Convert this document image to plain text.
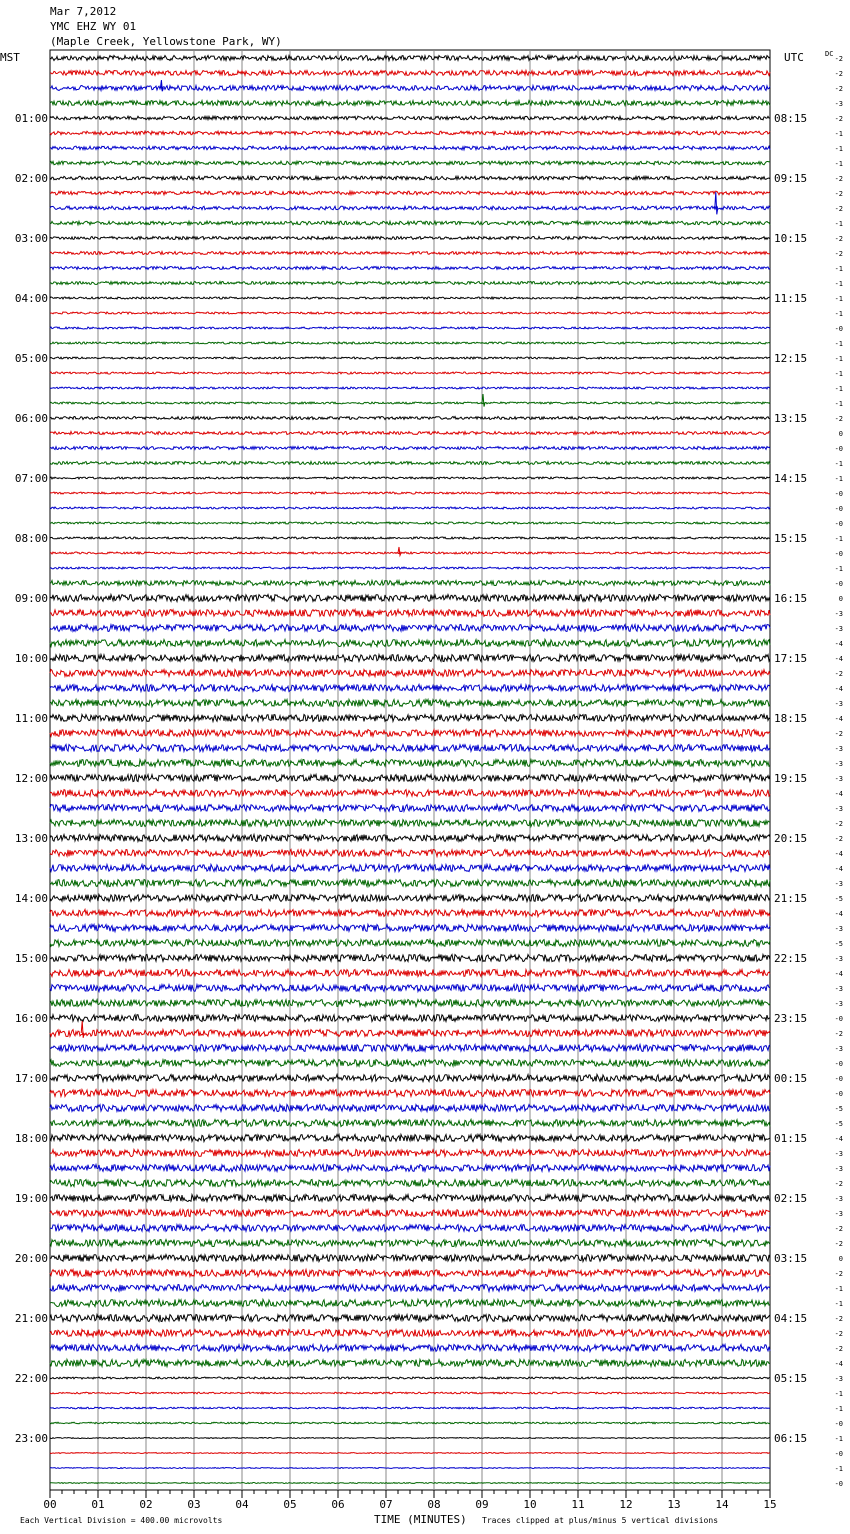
Mar 7,2012
YMC EHZ WY 01
(Maple Creek, Yellowstone Park, WY)
MST	UTC	DC
01:00
02:00
03:00
04:00
05:00
06:00
07:00
08:00
09:00
10:00
11:00
12:00
13:00
14:00
15:00
16:00
17:00
18:00
19:00
20:00
21:00
22:00
23:00
08:15
09:15
10:15
11:15
12:15
13:15
14:15
15:15
16:15
17:15
18:15
19:15
20:15
21:15
22:15
23:15
00:15
01:15
02:15
03:15
04:15
05:15
06:15
-2
-2
-2
-3
-2
-1
-1
-1
-2
-2
-2
-1
-2
-2
-1
-1
-1
-1
-0
-1
-1
-1
-1
-1
-2
0
-0
-1
-1
-0
-0
-0
-1
-0
-1
-0
0
-3
-3
-4
-4
-2
-4
-3
-4
-2
-3
-3
-3
-4
-3
-2
-2
-4
-4
-3
-5
-4
-3
-5
-3
-4
-3
-3
-0
-2
-3
-0
-0
-0
-5
-5
-4
-3
-3
-2
-3
-3
-2
-2
0
-2
-1
-1
-2
-2
-2
-4
-3
-1
-1
-0
-1
-0
-1
-0
00	01	02	03	04	05	06	07	08	09	10	11	12	13	14	15
Each Vertical Division = 400.00 microvolts	TIME (MINUTES) Traces clipped at plus/minus 5 vertical divisions
